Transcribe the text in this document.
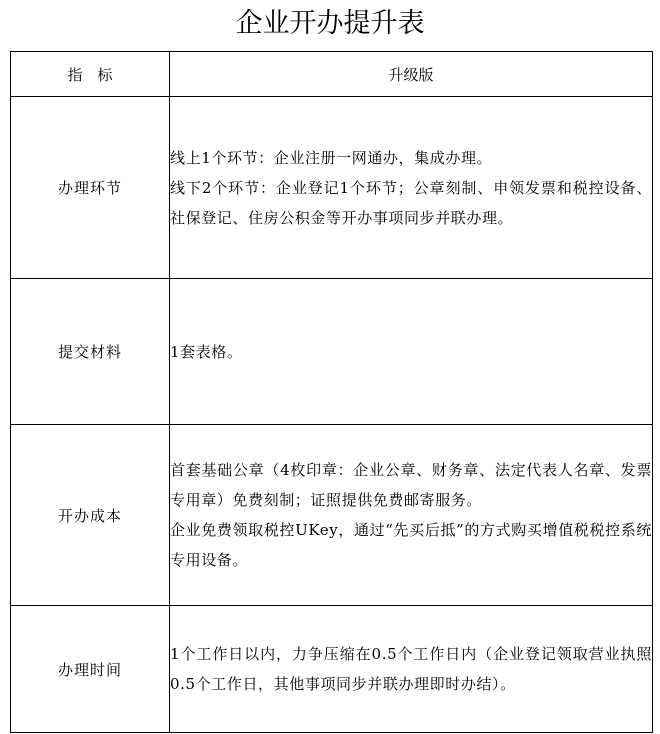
企业开办提升表
指　标	升级版
办理环节	线上1个环节：企业注册一网通办，集成办理。

线下2个环节：企业登记1个环节；公章刻制、申领发票和税控设备、社保登记、住房公积金等开办事项同步并联办理。

提交材料	1套表格。

开办成本	首套基础公章（4枚印章：企业公章、财务章、法定代表人名章、发票专用章）免费刻制；证照提供免费邮寄服务。

企业免费领取税控UKey，通过“先买后抵”的方式购买增值税税控系统专用设备。

办理时间	1个工作日以内，力争压缩在0.5个工作日内（企业登记领取营业执照0.5个工作日，其他事项同步并联办理即时办结）。
